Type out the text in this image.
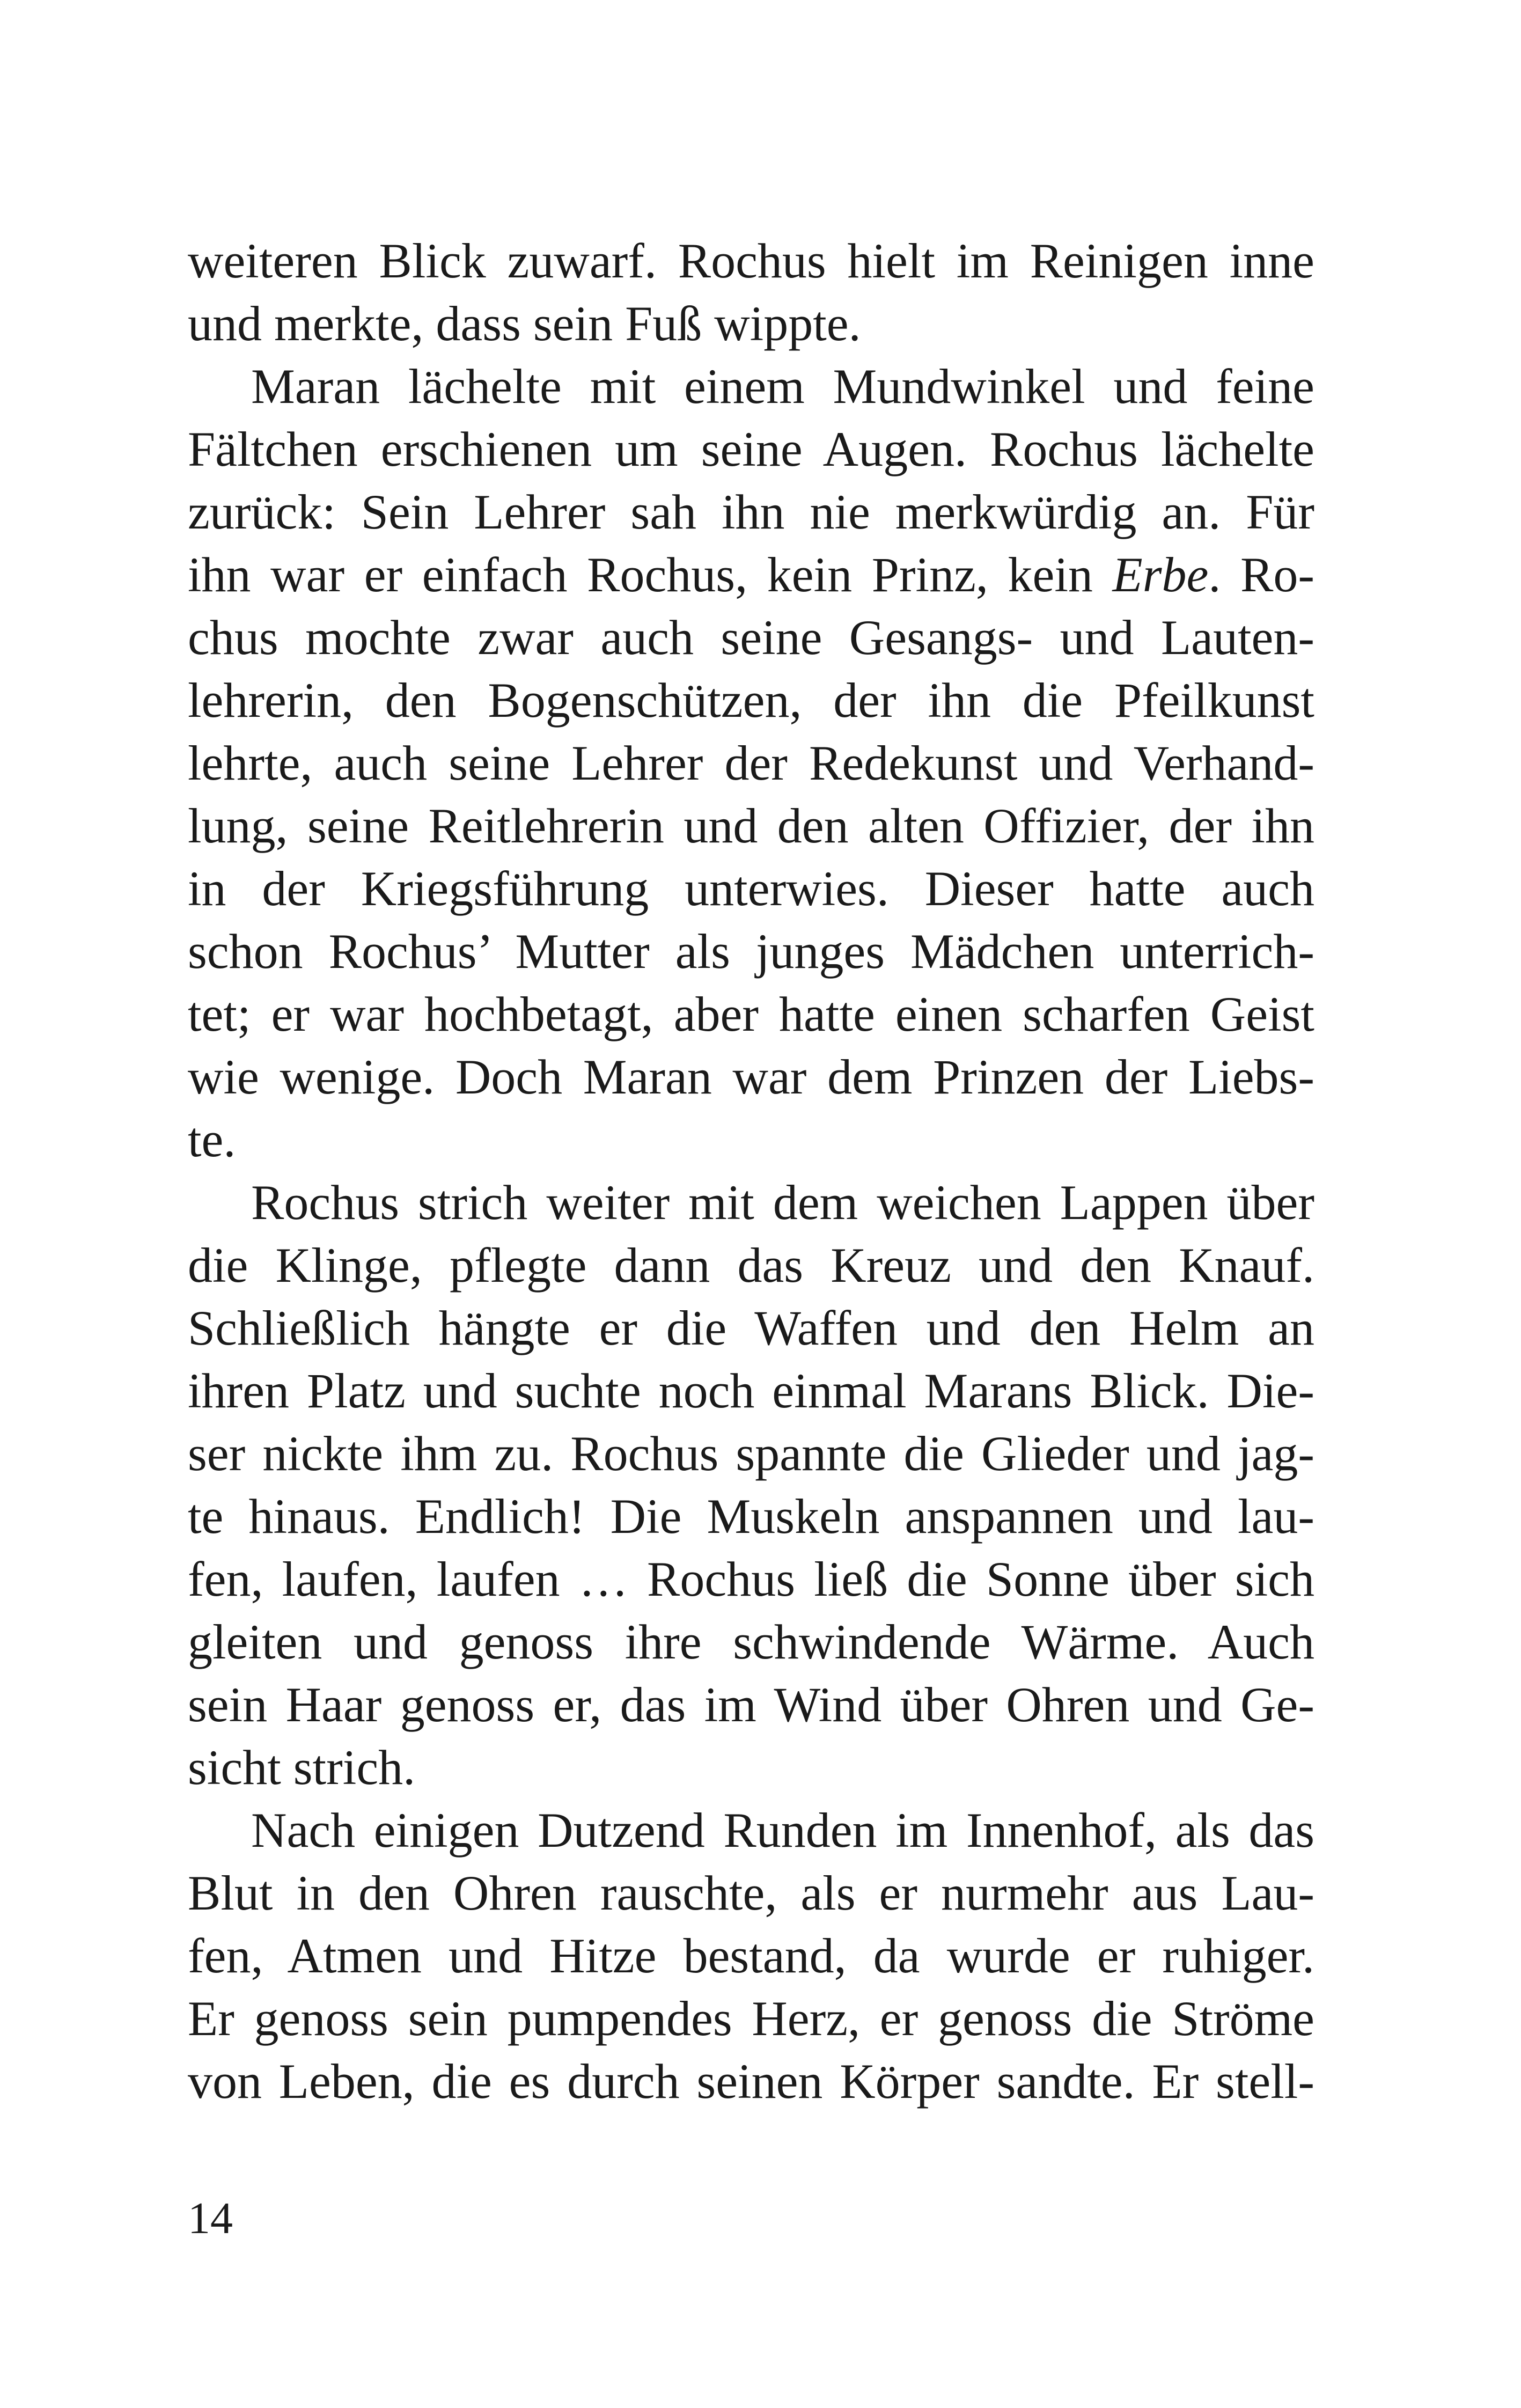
weiteren Blick zuwarf. Rochus hielt im Reinigen inne
und merkte, dass sein Fuß wippte.
Maran lächelte mit einem Mundwinkel und feine
Fältchen erschienen um seine Augen. Rochus lächelte
zurück: Sein Lehrer sah ihn nie merkwürdig an. Für
ihn war er einfach Rochus, kein Prinz, kein Erbe. Ro-
chus mochte zwar auch seine Gesangs- und Lauten-
lehrerin, den Bogenschützen, der ihn die Pfeilkunst
lehrte, auch seine Lehrer der Redekunst und Verhand-
lung, seine Reitlehrerin und den alten Offizier, der ihn
in der Kriegsführung unterwies. Dieser hatte auch
schon Rochus’ Mutter als junges Mädchen unterrich-
tet; er war hochbetagt, aber hatte einen scharfen Geist
wie wenige. Doch Maran war dem Prinzen der Liebs-
te.
Rochus strich weiter mit dem weichen Lappen über
die Klinge, pflegte dann das Kreuz und den Knauf.
Schließlich hängte er die Waffen und den Helm an
ihren Platz und suchte noch einmal Marans Blick. Die-
ser nickte ihm zu. Rochus spannte die Glieder und jag-
te hinaus. Endlich! Die Muskeln anspannen und lau-
fen, laufen, laufen … Rochus ließ die Sonne über sich
gleiten und genoss ihre schwindende Wärme. Auch
sein Haar genoss er, das im Wind über Ohren und Ge-
sicht strich.
Nach einigen Dutzend Runden im Innenhof, als das
Blut in den Ohren rauschte, als er nurmehr aus Lau-
fen, Atmen und Hitze bestand, da wurde er ruhiger.
Er genoss sein pumpendes Herz, er genoss die Ströme
von Leben, die es durch seinen Körper sandte. Er stell-
14
